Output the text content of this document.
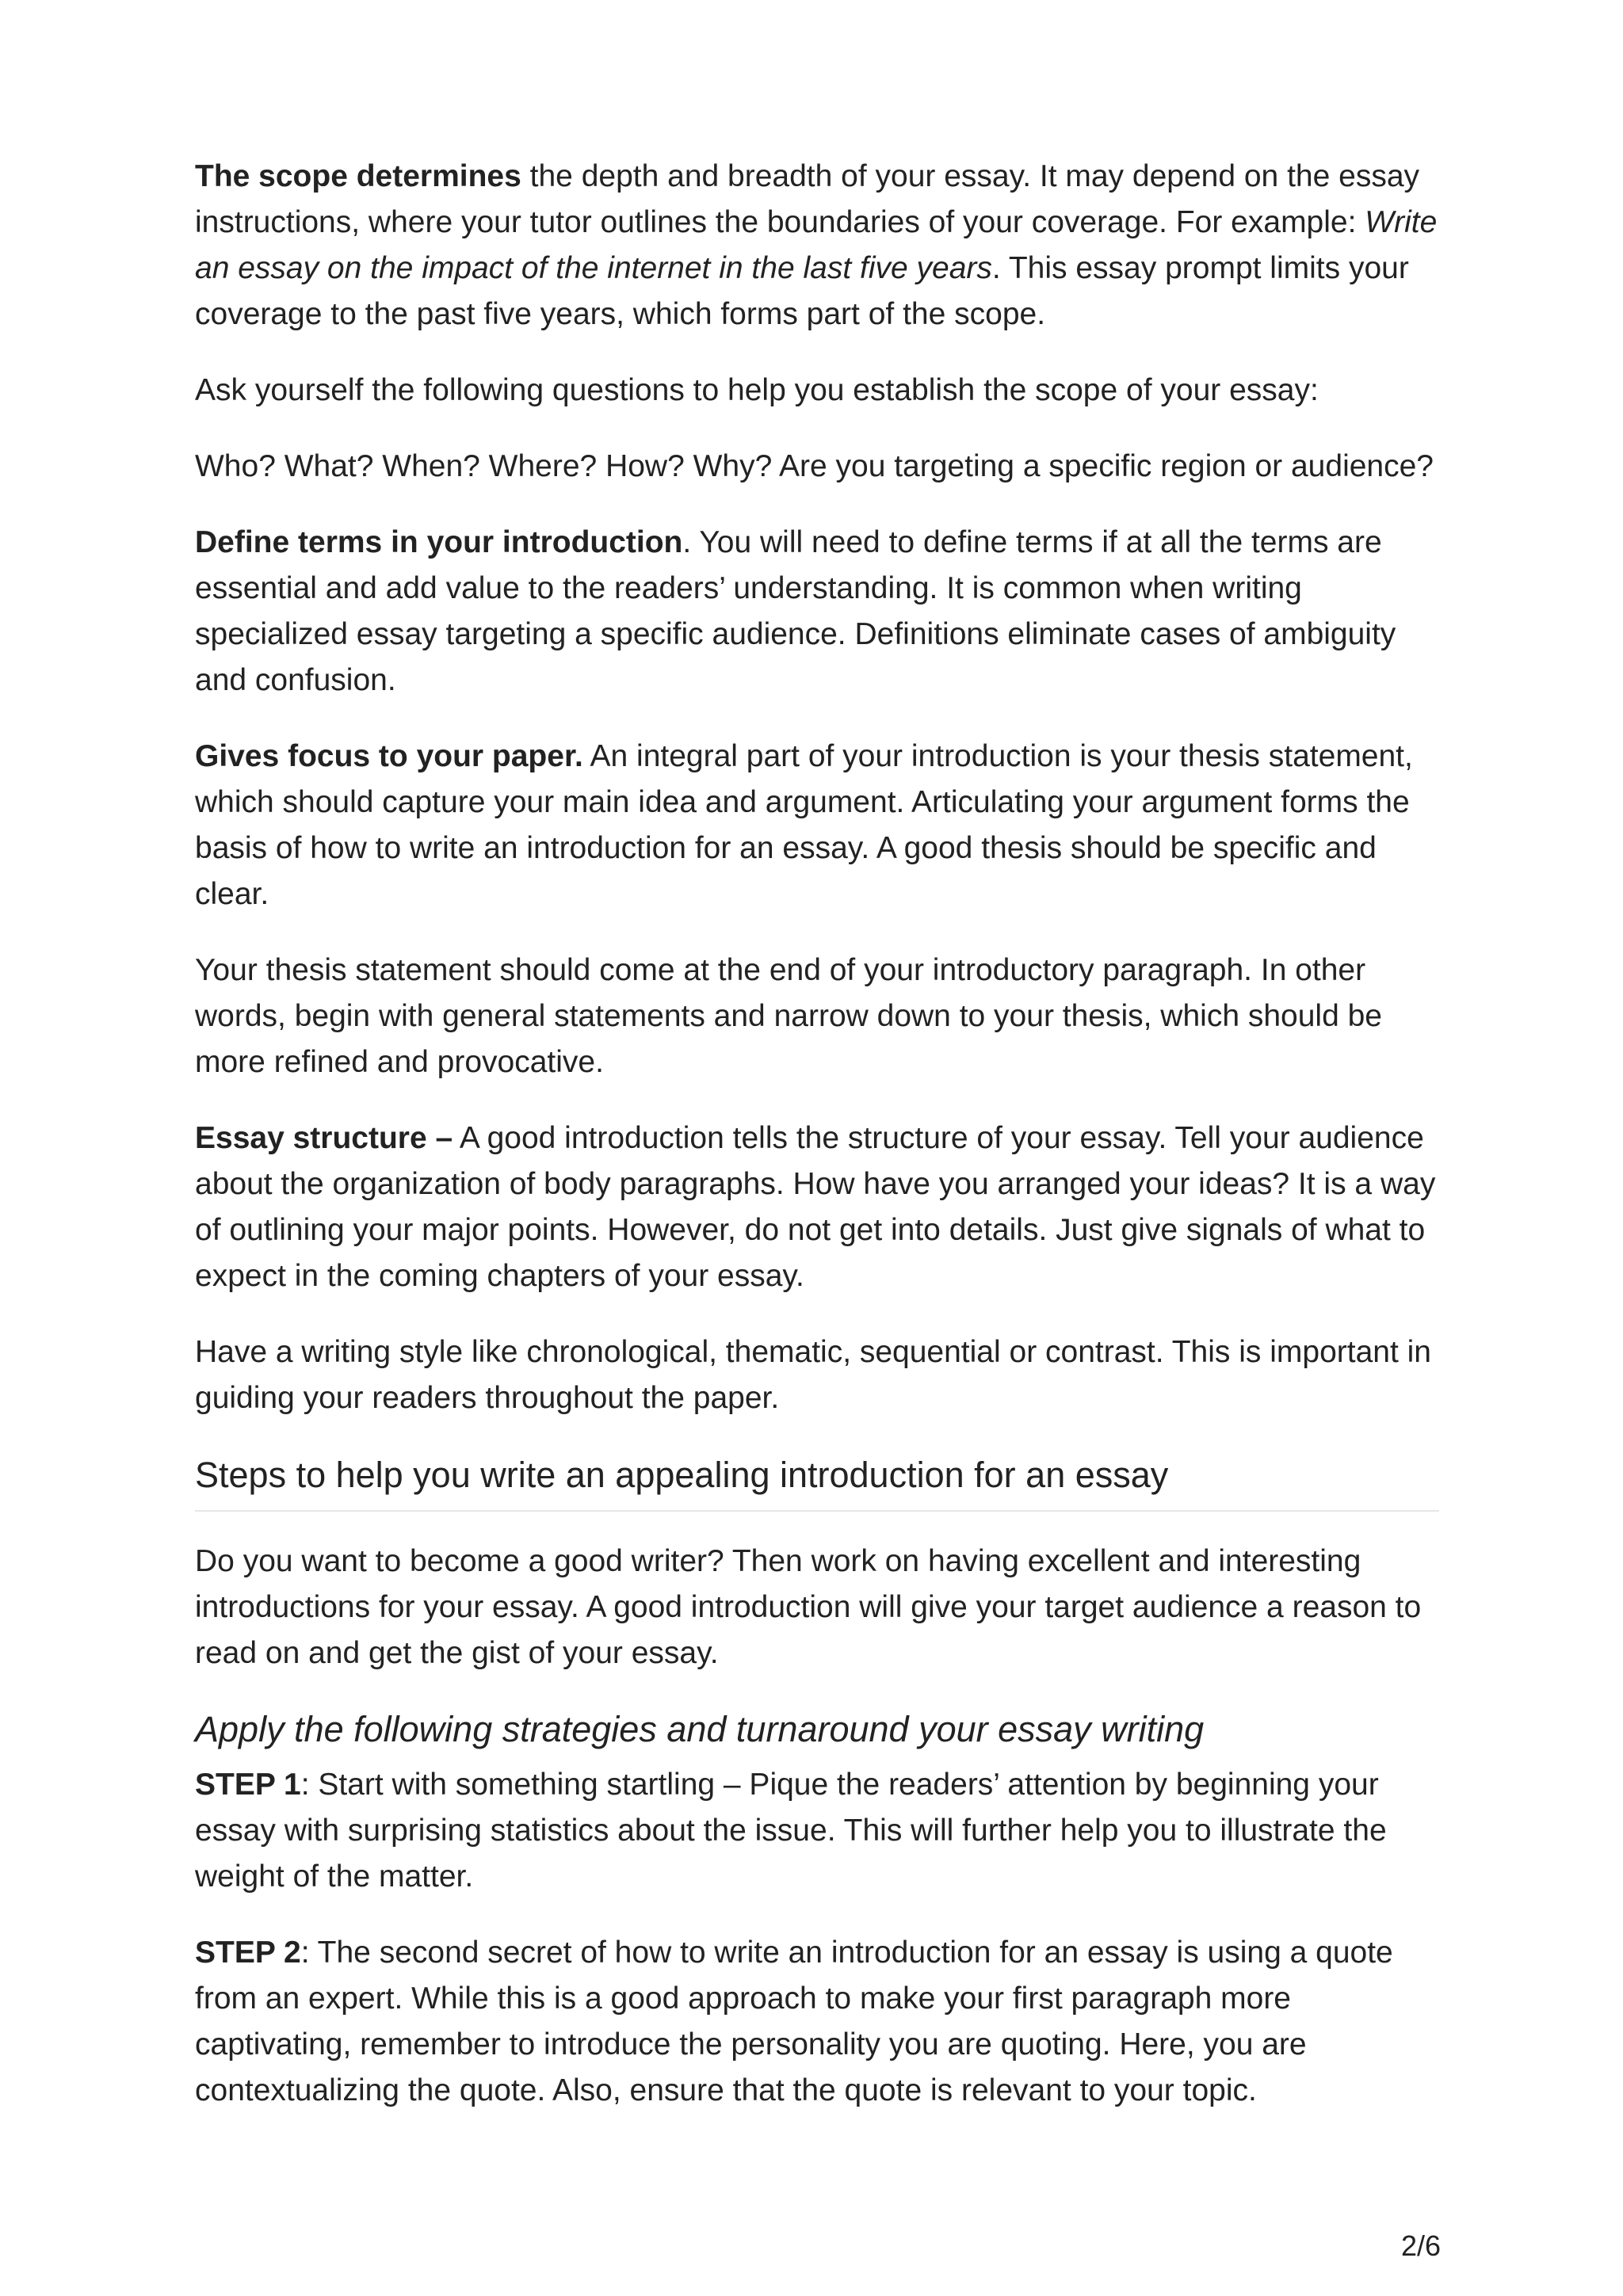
The scope determines the depth and breadth of your essay. It may depend on the essay instructions, where your tutor outlines the boundaries of your coverage. For example: Write an essay on the impact of the internet in the last five years. This essay prompt limits your coverage to the past five years, which forms part of the scope.

Ask yourself the following questions to help you establish the scope of your essay:

Who? What? When? Where? How? Why? Are you targeting a specific region or audience?

Define terms in your introduction. You will need to define terms if at all the terms are essential and add value to the readers’ understanding. It is common when writing specialized essay targeting a specific audience. Definitions eliminate cases of ambiguity and confusion.

Gives focus to your paper. An integral part of your introduction is your thesis statement, which should capture your main idea and argument. Articulating your argument forms the basis of how to write an introduction for an essay. A good thesis should be specific and clear.

Your thesis statement should come at the end of your introductory paragraph. In other words, begin with general statements and narrow down to your thesis, which should be more refined and provocative.

Essay structure – A good introduction tells the structure of your essay. Tell your audience about the organization of body paragraphs. How have you arranged your ideas? It is a way of outlining your major points. However, do not get into details. Just give signals of what to expect in the coming chapters of your essay.

Have a writing style like chronological, thematic, sequential or contrast. This is important in guiding your readers throughout the paper.

Steps to help you write an appealing introduction for an essay

Do you want to become a good writer? Then work on having excellent and interesting introductions for your essay. A good introduction will give your target audience a reason to read on and get the gist of your essay.

Apply the following strategies and turnaround your essay writing

STEP 1: Start with something startling – Pique the readers’ attention by beginning your essay with surprising statistics about the issue. This will further help you to illustrate the weight of the matter.

STEP 2: The second secret of how to write an introduction for an essay is using a quote from an expert. While this is a good approach to make your first paragraph more captivating, remember to introduce the personality you are quoting. Here, you are contextualizing the quote. Also, ensure that the quote is relevant to your topic.

2/6
